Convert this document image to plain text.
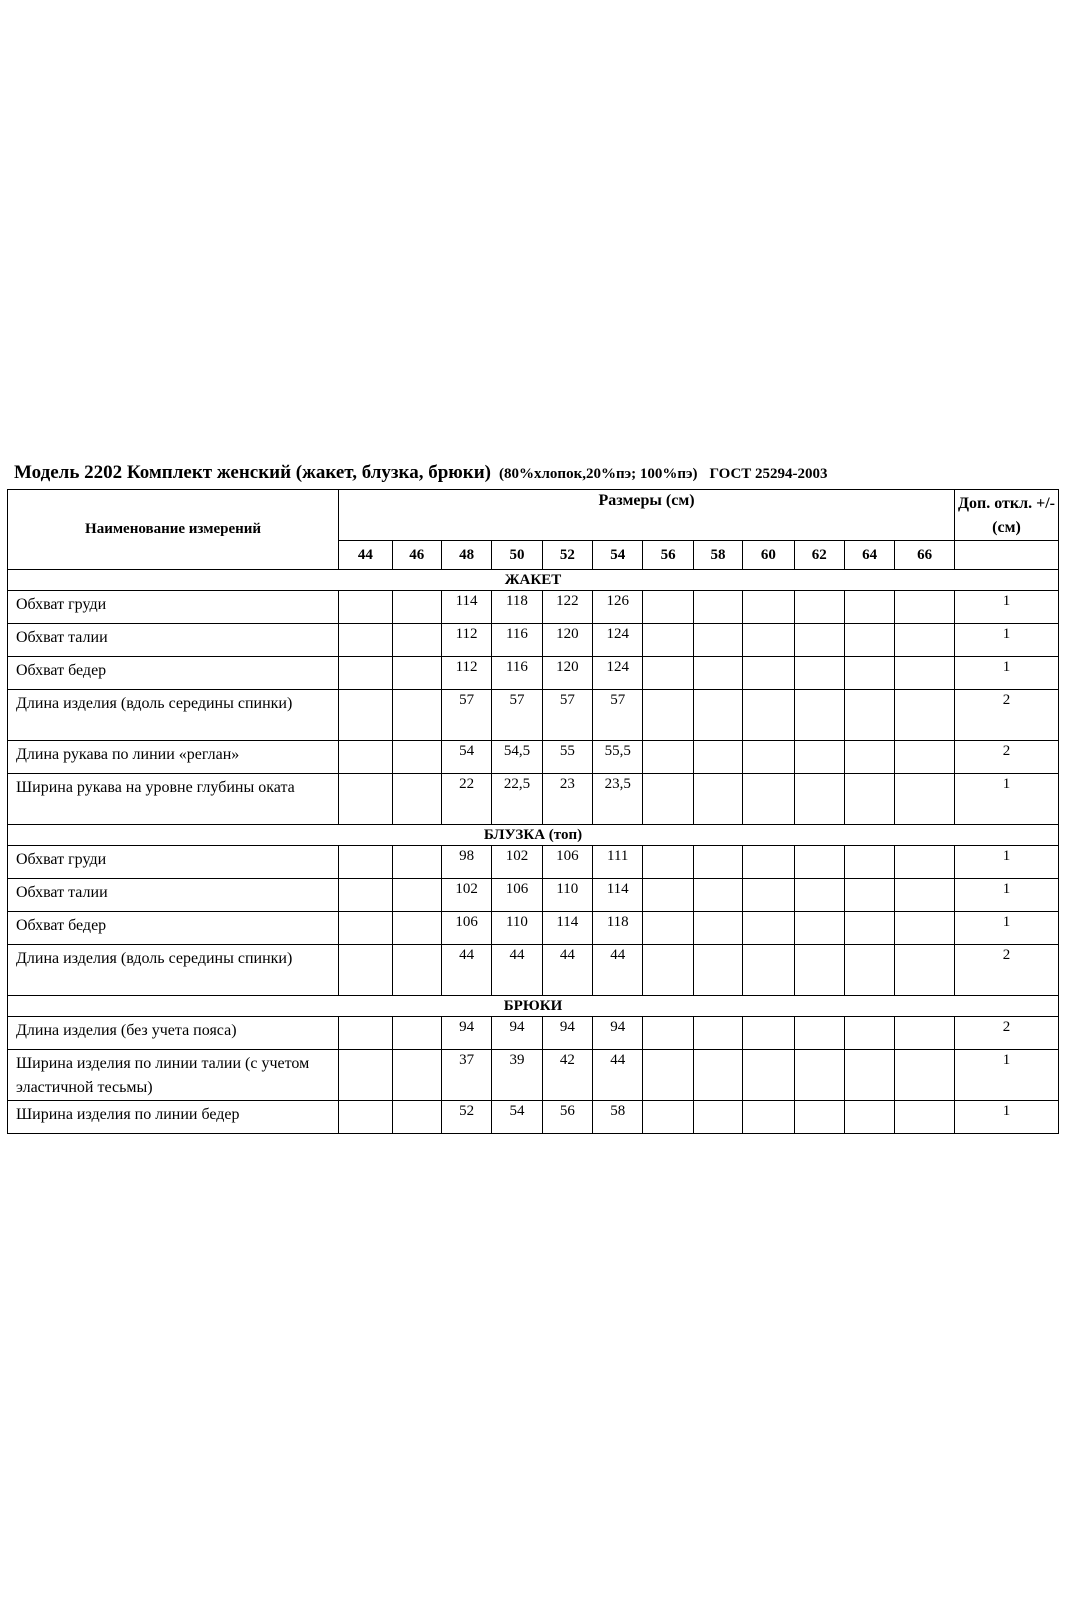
Модель 2202 Комплект женский (жакет, блузка, брюки) (80%хлопок,20%пэ; 100%пэ) ГОСТ 25294-2003
Наименование измерений	Размеры (см)												Доп. откл. +/- (см)
	44	46	48	50	52	54	56	58	60	62	64	66	
ЖАКЕТ													
Обхват груди			114	118	122	126							1
Обхват талии			112	116	120	124							1
Обхват бедер			112	116	120	124							1
Длина изделия (вдоль середины спинки)			57	57	57	57							2
Длина рукава по линии «реглан»			54	54,5	55	55,5							2
Ширина рукава на уровне глубины оката			22	22,5	23	23,5							1
БЛУЗКА (топ)													
Обхват груди			98	102	106	111							1
Обхват талии			102	106	110	114							1
Обхват бедер			106	110	114	118							1
Длина изделия (вдоль середины спинки)			44	44	44	44							2
БРЮКИ													
Длина изделия (без учета пояса)			94	94	94	94							2
Ширина изделия по линии талии (с учетом эластичной тесьмы)			37	39	42	44							1
Ширина изделия по линии бедер			52	54	56	58							1
